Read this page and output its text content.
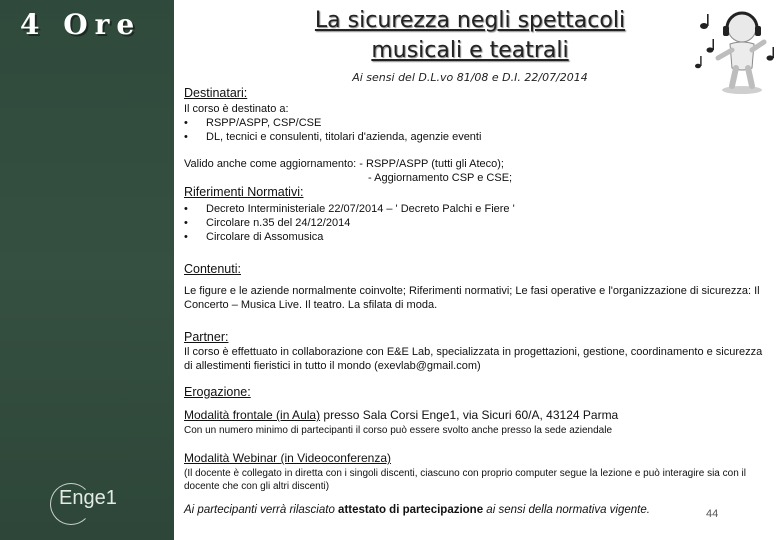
4 Ore
Enge1
La sicurezza negli spettacoli
musicali e teatrali
Ai sensi del D.L.vo 81/08 e D.I. 22/07/2014
Destinatari:
Il corso è destinato a:
•	RSPP/ASPP, CSP/CSE
•	DL, tecnici e consulenti, titolari d'azienda, agenzie eventi
Valido anche come aggiornamento: - RSPP/ASPP (tutti gli Ateco);
- Aggiornamento CSP e CSE;
Riferimenti Normativi:
•	Decreto Interministeriale 22/07/2014 – ' Decreto Palchi e Fiere '
•	Circolare n.35 del 24/12/2014
•	Circolare di Assomusica
Contenuti:
Le figure e le aziende normalmente coinvolte; Riferimenti normativi; Le fasi operative e l'organizzazione di sicurezza: Il Concerto – Musica Live. Il teatro. La sfilata di moda.
Partner:
Il corso è effettuato in collaborazione con E&E Lab, specializzata in progettazioni, gestione, coordinamento e sicurezza di allestimenti fieristici in tutto il mondo (exevlab@gmail.com)
Erogazione:
Modalità frontale (in Aula) presso Sala Corsi Enge1, via Sicuri 60/A, 43124 Parma
Con un numero minimo di partecipanti il corso può essere svolto anche presso la sede aziendale
Modalità Webinar (in Videoconferenza)
(Il docente è collegato in diretta con i singoli discenti, ciascuno con proprio computer segue la lezione e può interagire sia con il docente che con gli altri discenti)
Ai partecipanti verrà rilasciato attestato di partecipazione ai sensi della normativa vigente.	44
